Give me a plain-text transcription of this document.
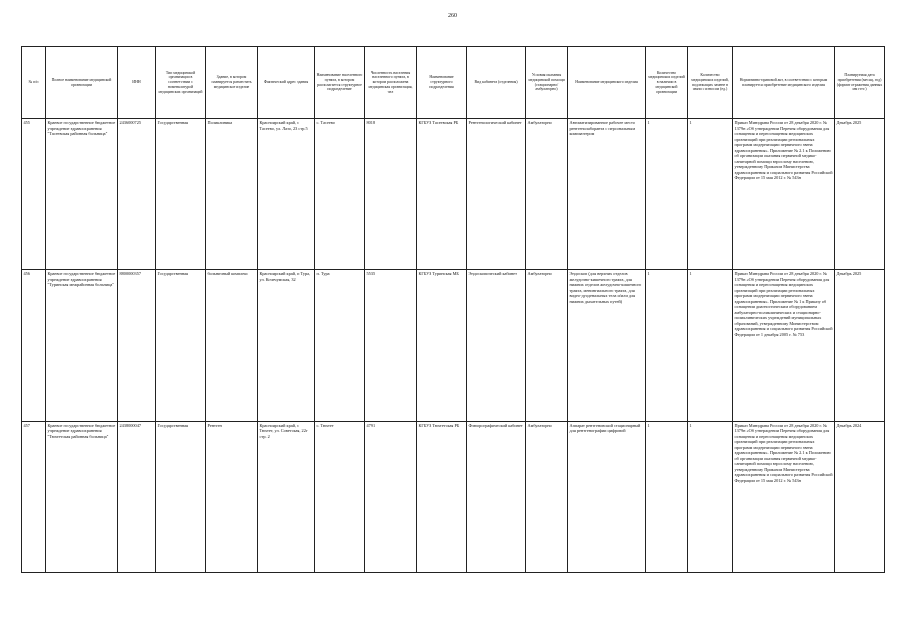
260
№ п/п	Полное наименование медицинской организации	ИНН	Тип медицинской организации в соответствии с номенклатурой медицинских организаций	Здание, в котором планируется разместить медицинское изделие	Фактический адрес здания	Наименование населенного пункта, в котором располагается структурное подразделение	Численность населения населенного пункта, в котором расположена медицинская организация, чел	Наименование структурного подразделения	Вид кабинета (отделения)	Условия оказания медицинской помощи (стационарно/ амбулаторно)	Наименование медицинского изделия	Количество медицинских изделий в наличии в медицинской организации	Количество медицинских изделий, подлежащих замене в связи с износом (ед.)	Нормативно-правовой акт, в соответствии с которым планируется приобретение медицинского изделия	Планируемая дата приобретения (месяц, год) (формат отражения данных мм гггг.)
455	Краевое государственное бюджетное учреждение здравоохранения "Тасеевская районная больница"	2436000725	Государственная	Поликлиника	Красноярский край, с Тасеево, ул. Лазо, 23 стр.5	с. Тасеево	8018	КГБУЗ Тасеевская РБ	Рентгенологический кабинет	Амбулаторно	Автоматизированное рабочее место рентгенолаборанта с персональным компьютером	1	1	Приказ Минздрава России от 28 декабря 2020 г. № 1379н «Об утверждении Перечня оборудования для оснащения и переоснащения медицинских организаций при реализации региональных программ модернизации первичного звена здравоохранения». Приложение № 2.1 к Положению об организации оказания первичной медико-санитарной помощи взрослому населению, утвержденному Приказом Министерства здравоохранения и социального развития Российской Федерации от 15 мая 2012 г. № 543н	Декабрь 2025
456	Краевое государственное бюджетное учреждение здравоохранения "Туринская межрайонная больница"	8800000357	Государственная	больничный комплекс	Красноярский край, п Тура, ул. Кочечумская, 32	п. Тура	5535	КГБУЗ Туринская МБ	Эндоскопический кабинет	Амбулаторно	Эндоскоп (для верхних отделов желудочно-кишечного тракта, для нижних отделов желудочно-кишечного тракта, менингиального тракта, для видео-дуоденальных тела и/или для нижних дыхательных путей)	1	1	Приказ Минздрава России от 28 декабря 2020 г. № 1379н «Об утверждении Перечня оборудования для оснащения и переоснащения медицинских организаций при реализации региональных программ модернизации первичного звена здравоохранения». Приложение № 1 к Приказу об оснащении диагностическим оборудованием амбулаторно-поликлинических и стационарно-поликлинических учреждений муниципальных образований, утвержденному Министерством здравоохранения и социального развития Российской Федерации от 1 декабря 2005 г. № 753	Декабрь 2025
457	Краевое государственное бюджетное учреждение здравоохранения "Тюхтетская районная больница"	2438000047	Государственная	Рентген	Красноярский край, с Тюхтет, ул. Советская, 22г стр. 2	с. Тюхтет	4791	КГБУЗ Тюхтетская РБ	Флюорографический кабинет	Амбулаторно	Аппарат рентгеновский стационарный для рентгенографии цифровой	1	1	Приказ Минздрава России от 28 декабря 2020 г. № 1379н «Об утверждении Перечня оборудования для оснащения и переоснащения медицинских организаций при реализации региональных программ модернизации первичного звена здравоохранения». Приложение № 2.1 к Положению об организации оказания первичной медико-санитарной помощи взрослому населению, утвержденному Приказом Министерства здравоохранения и социального развития Российской Федерации от 15 мая 2012 г. № 543н	Декабрь 2024
